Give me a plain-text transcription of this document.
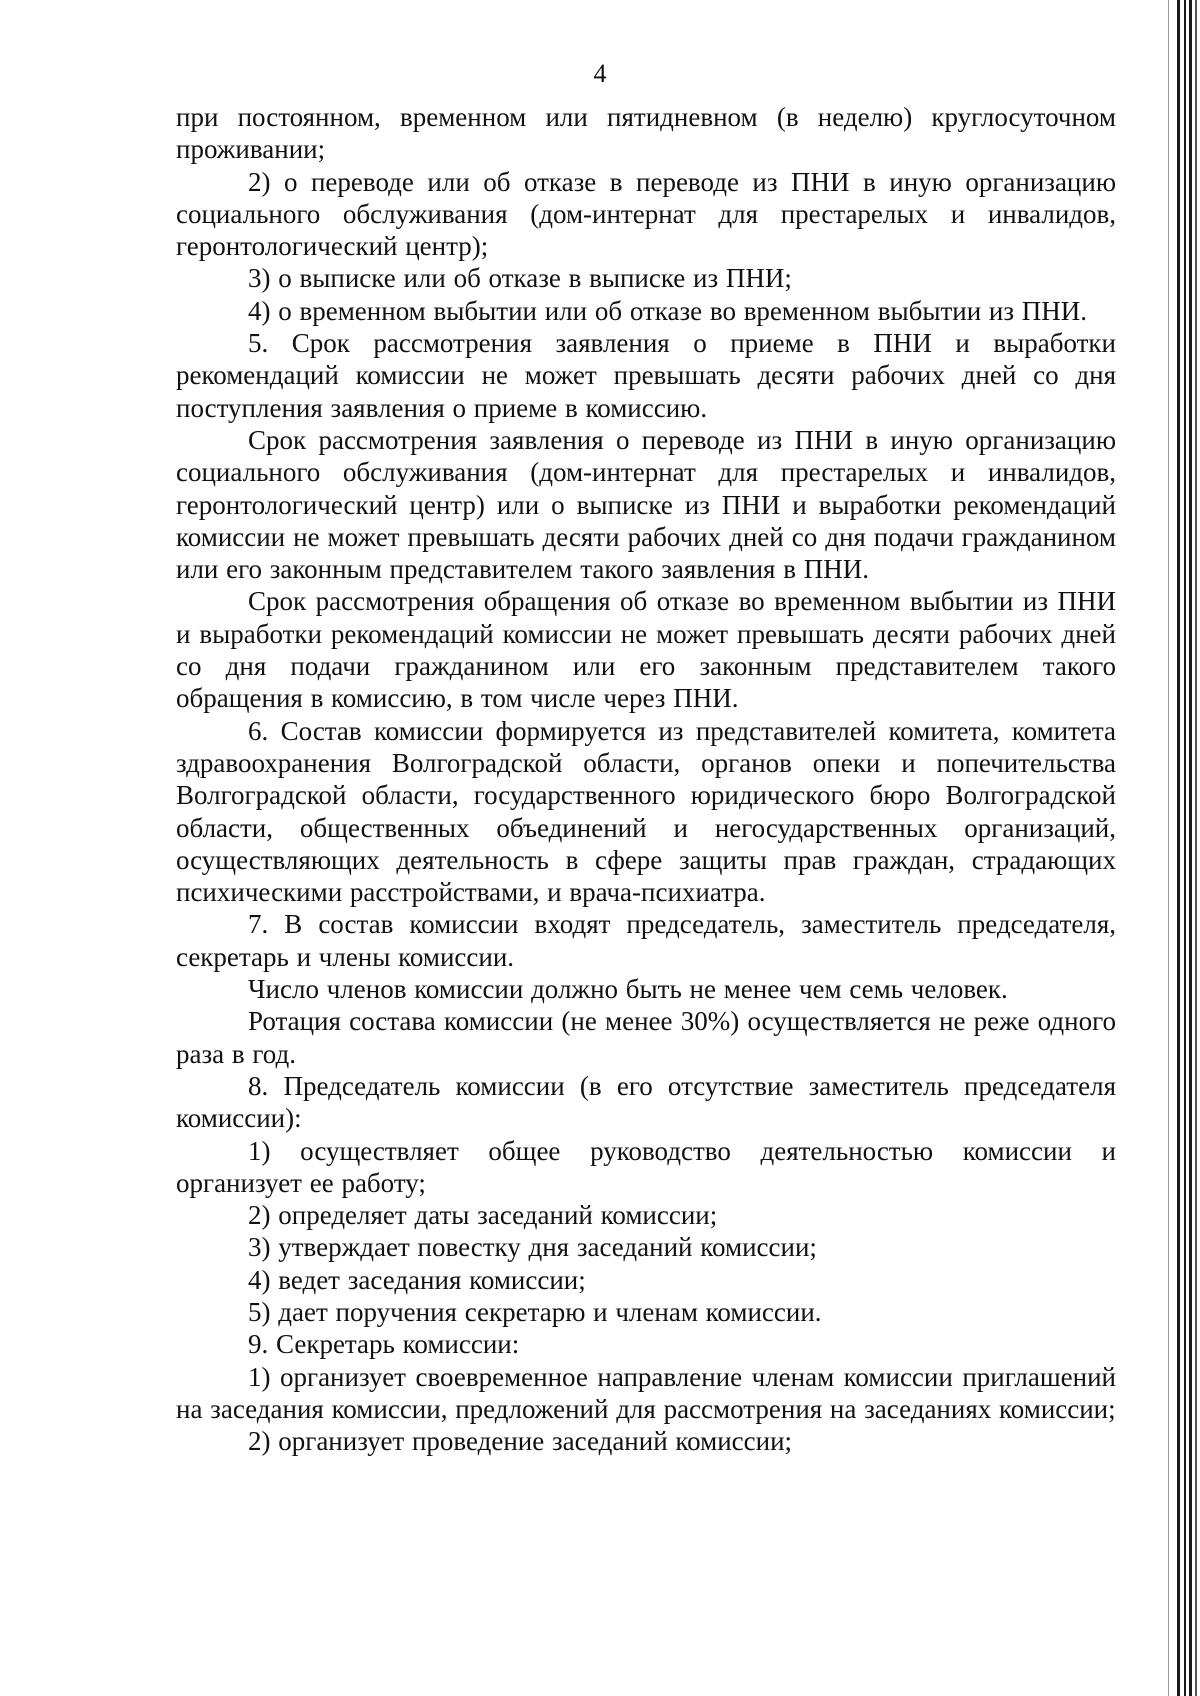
4

при постоянном, временном или пятидневном (в неделю) круглосуточном проживании;

2) о переводе или об отказе в переводе из ПНИ в иную организацию социального обслуживания (дом-интернат для престарелых и инвалидов, геронтологический центр);

3) о выписке или об отказе в выписке из ПНИ;

4) о временном выбытии или об отказе во временном выбытии из ПНИ.

5. Срок рассмотрения заявления о приеме в ПНИ и выработки рекомендаций комиссии не может превышать десяти рабочих дней со дня поступления заявления о приеме в комиссию.

Срок рассмотрения заявления о переводе из ПНИ в иную организацию социального обслуживания (дом-интернат для престарелых и инвалидов, геронтологический центр) или о выписке из ПНИ и выработки рекомендаций комиссии не может превышать десяти рабочих дней со дня подачи гражданином или его законным представителем такого заявления в ПНИ.

Срок рассмотрения обращения об отказе во временном выбытии из ПНИ и выработки рекомендаций комиссии не может превышать десяти рабочих дней со дня подачи гражданином или его законным представителем такого обращения в комиссию, в том числе через ПНИ.

6. Состав комиссии формируется из представителей комитета, комитета здравоохранения Волгоградской области, органов опеки и попечительства Волгоградской области, государственного юридического бюро Волгоградской области, общественных объединений и негосударственных организаций, осуществляющих деятельность в сфере защиты прав граждан, страдающих психическими расстройствами, и врача-психиатра.

7. В состав комиссии входят председатель, заместитель председателя, секретарь и члены комиссии.

Число членов комиссии должно быть не менее чем семь человек.

Ротация состава комиссии (не менее 30%) осуществляется не реже одного раза в год.

8. Председатель комиссии (в его отсутствие заместитель председателя комиссии):

1) осуществляет общее руководство деятельностью комиссии и организует ее работу;

2) определяет даты заседаний комиссии;

3) утверждает повестку дня заседаний комиссии;

4) ведет заседания комиссии;

5) дает поручения секретарю и членам комиссии.

9. Секретарь комиссии:

1) организует своевременное направление членам комиссии приглашений на заседания комиссии, предложений для рассмотрения на заседаниях комиссии;

2) организует проведение заседаний комиссии;
